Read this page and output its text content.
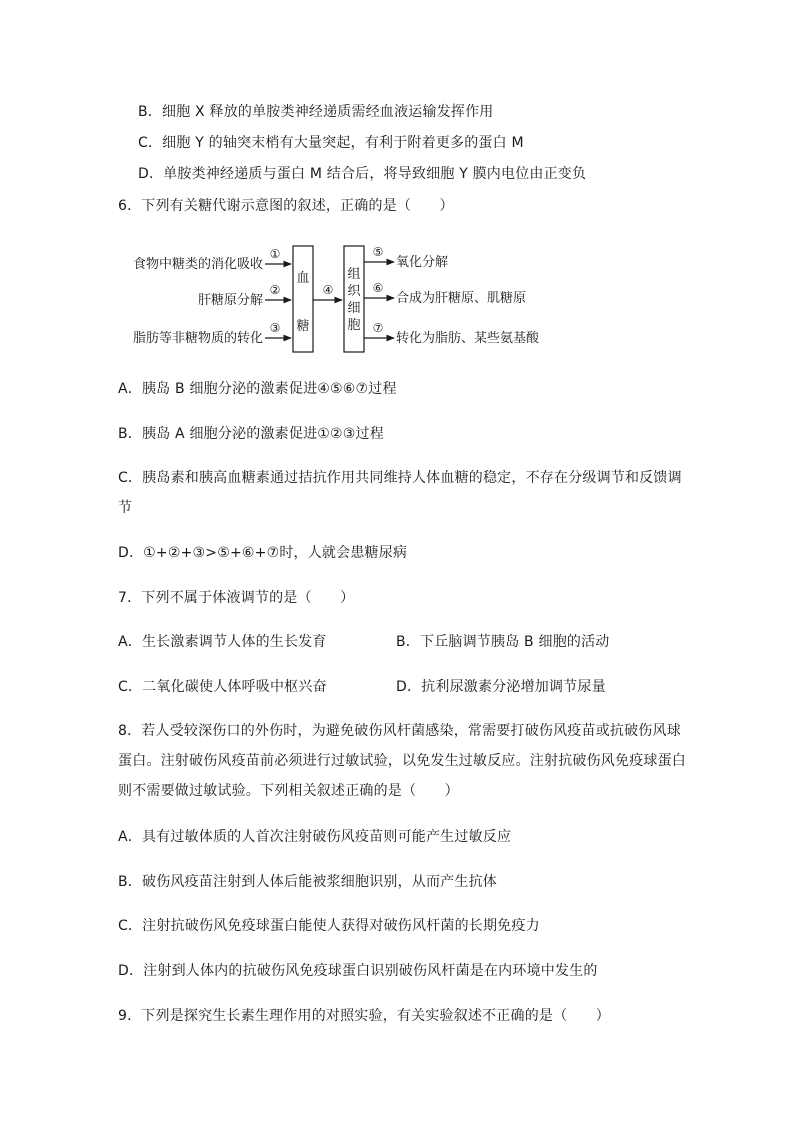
B．细胞 X 释放的单胺类神经递质需经血液运输发挥作用
C．细胞 Y 的轴突末梢有大量突起，有利于附着更多的蛋白 M
D．单胺类神经递质与蛋白 M 结合后，将导致细胞 Y 膜内电位由正变负
6．下列有关糖代谢示意图的叙述，正确的是（　　）
食物中糖类的消化吸收
肝糖原分解
脂肪等非糖物质的转化
①
②
③
血
糖
④
组
织
细
胞
⑤
⑥
⑦
氧化分解
合成为肝糖原、肌糖原
转化为脂肪、某些氨基酸
A．胰岛 B 细胞分泌的激素促进④⑤⑥⑦过程
B．胰岛 A 细胞分泌的激素促进①②③过程
C．胰岛素和胰高血糖素通过拮抗作用共同维持人体血糖的稳定，不存在分级调节和反馈调
节
D．①+②+③>⑤+⑥+⑦时，人就会患糖尿病
7．下列不属于体液调节的是（　　）
A．生长激素调节人体的生长发育	B．下丘脑调节胰岛 B 细胞的活动
C．二氧化碳使人体呼吸中枢兴奋	D．抗利尿激素分泌增加调节尿量
8．若人受较深伤口的外伤时，为避免破伤风杆菌感染，常需要打破伤风疫苗或抗破伤风球
蛋白。注射破伤风疫苗前必须进行过敏试验，以免发生过敏反应。注射抗破伤风免疫球蛋白
则不需要做过敏试验。下列相关叙述正确的是（　　）
A．具有过敏体质的人首次注射破伤风疫苗则可能产生过敏反应
B．破伤风疫苗注射到人体后能被浆细胞识别，从而产生抗体
C．注射抗破伤风免疫球蛋白能使人获得对破伤风杆菌的长期免疫力
D．注射到人体内的抗破伤风免疫球蛋白识别破伤风杆菌是在内环境中发生的
9．下列是探究生长素生理作用的对照实验，有关实验叙述不正确的是（　　）
